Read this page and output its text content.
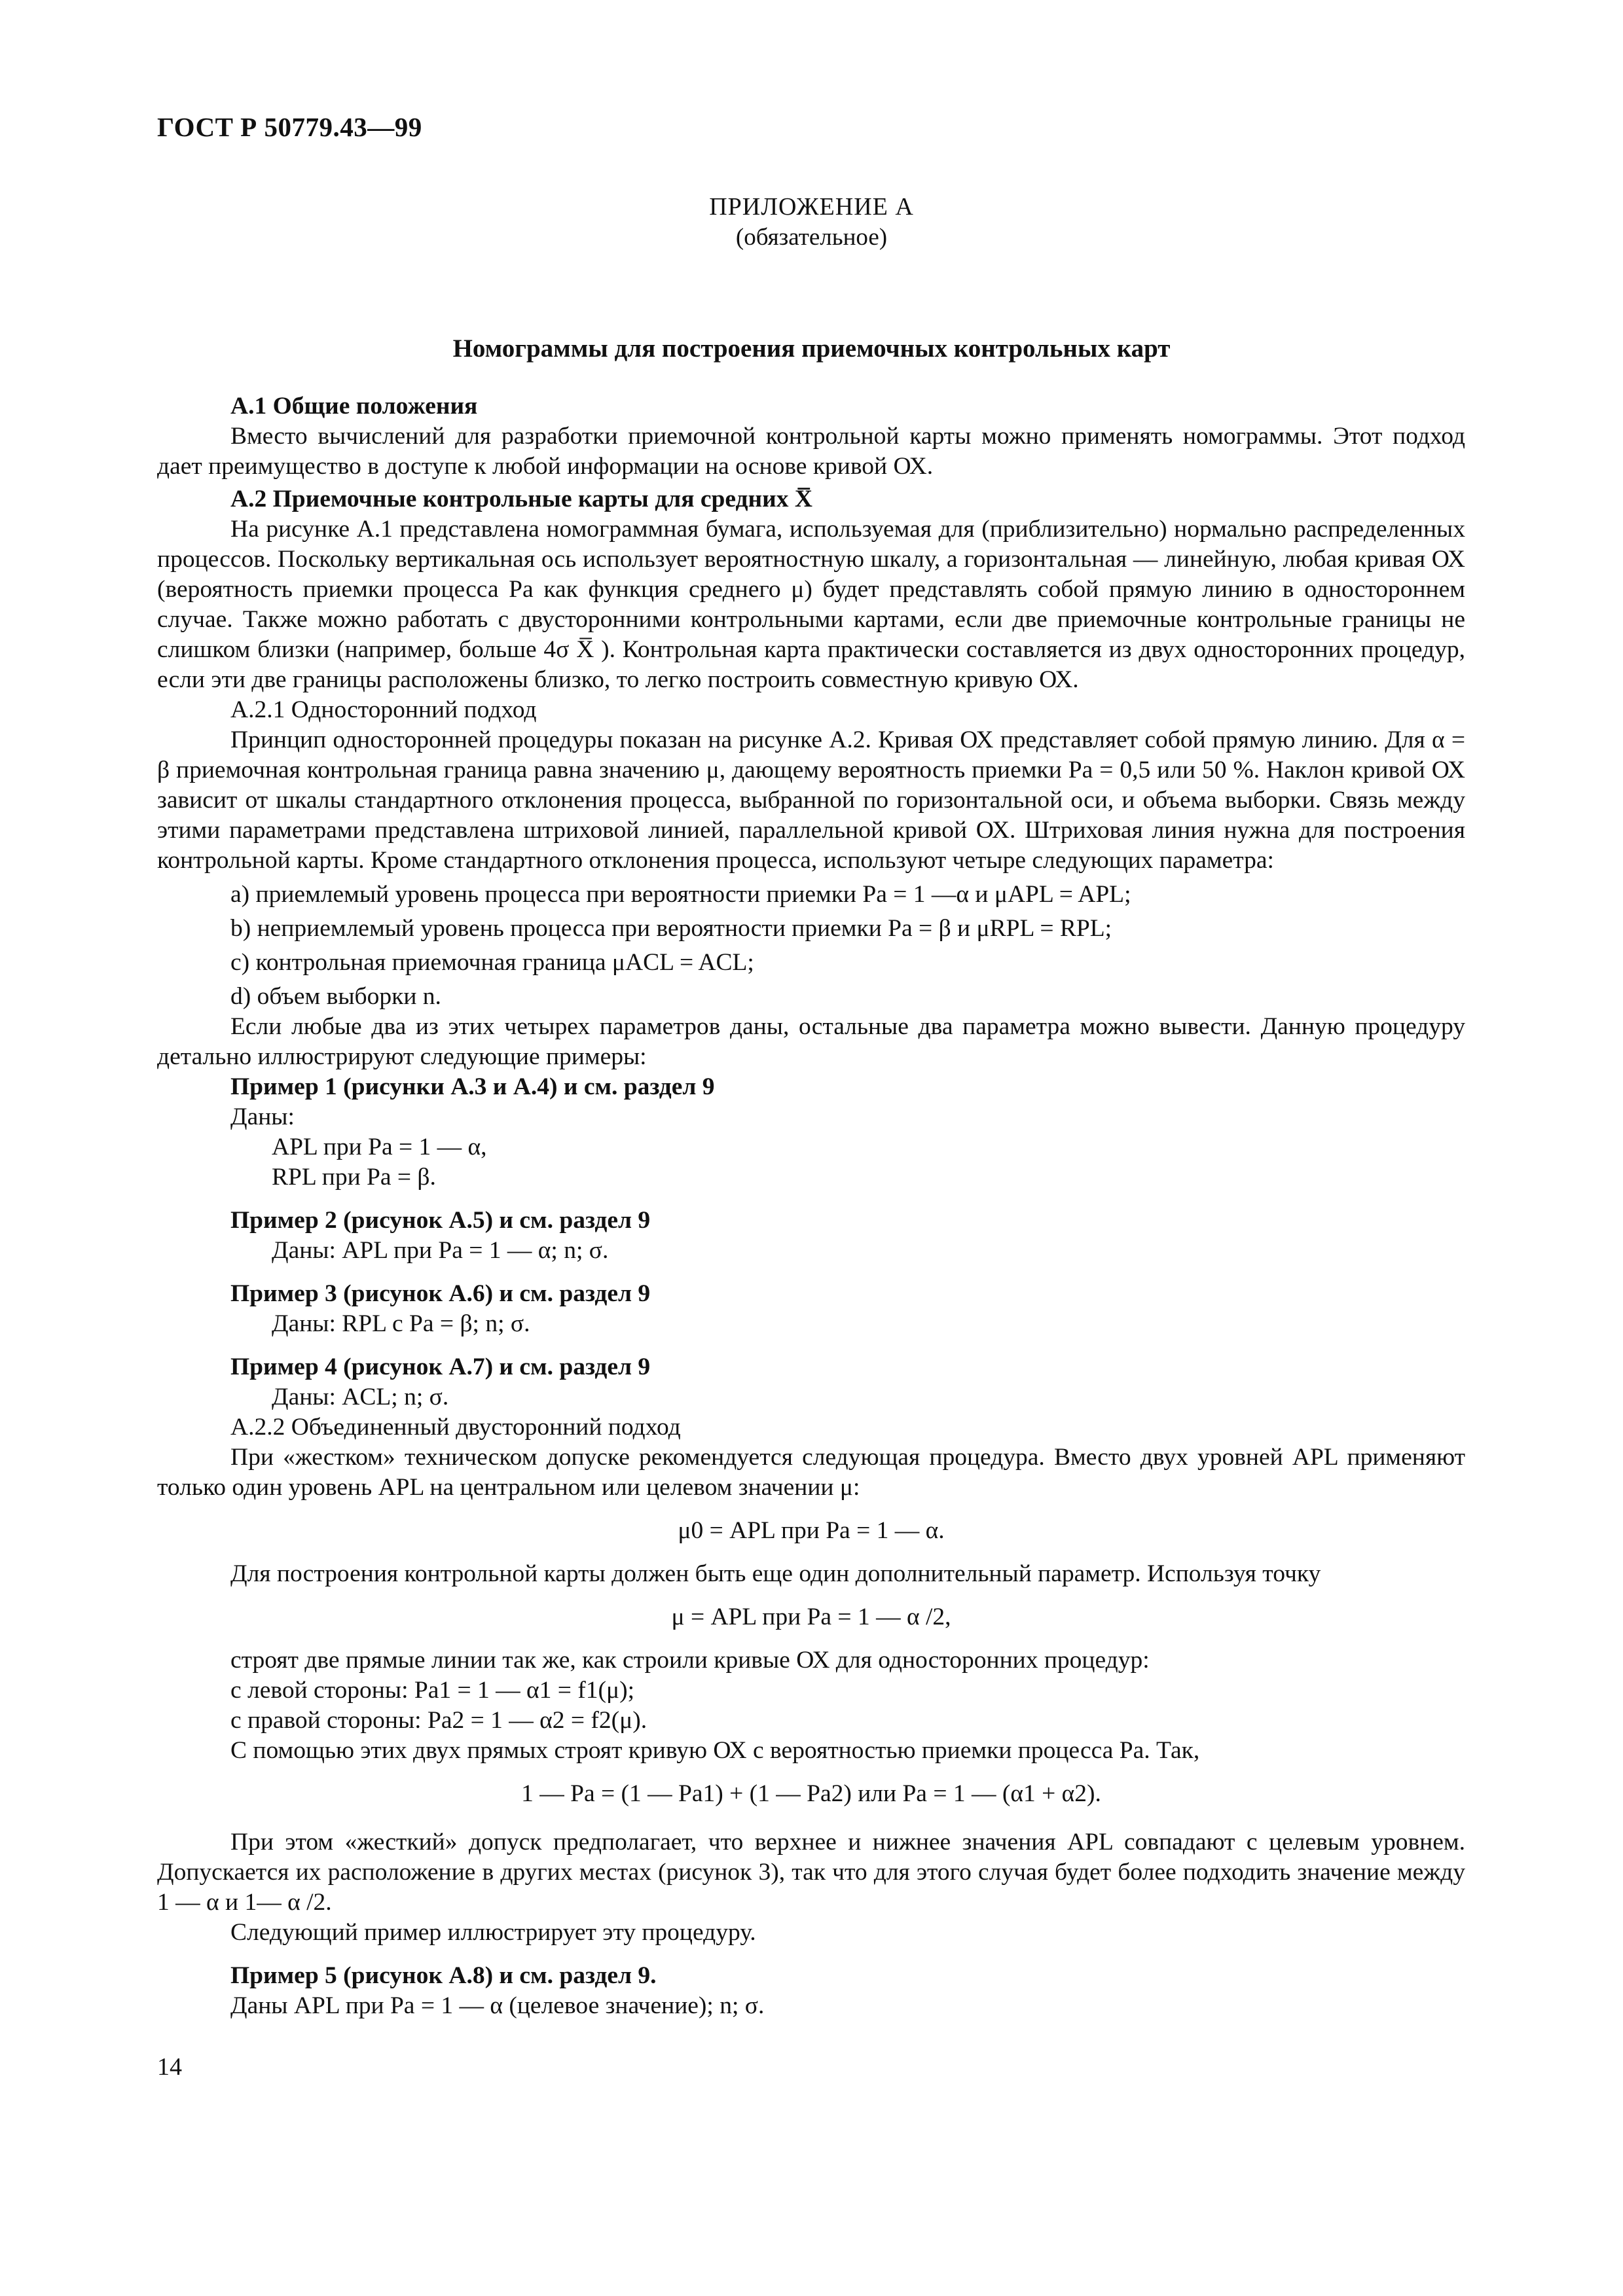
ГОСТ Р 50779.43—99
ПРИЛОЖЕНИЕ А
(обязательное)
Номограммы для построения приемочных контрольных карт

А.1 Общие положения

Вместо вычислений для разработки приемочной контрольной карты можно применять номограммы. Этот подход дает преимущество в доступе к любой информации на основе кривой ОХ.

А.2 Приемочные контрольные карты для средних X̅

На рисунке А.1 представлена номограммная бумага, используемая для (приблизительно) нормально распределенных процессов. Поскольку вертикальная ось использует вероятностную шкалу, а горизонтальная — линейную, любая кривая ОХ (вероятность приемки процесса Pa как функция среднего μ) будет представлять собой прямую линию в одностороннем случае. Также можно работать с двусторонними контрольными картами, если две приемочные контрольные границы не слишком близки (например, больше 4σ X̅ ). Контрольная карта практически составляется из двух односторонних процедур, если эти две границы расположены близко, то легко построить совместную кривую ОХ.

А.2.1 Односторонний подход

Принцип односторонней процедуры показан на рисунке А.2. Кривая ОХ представляет собой прямую линию. Для α = β приемочная контрольная граница равна значению μ, дающему вероятность приемки Pa = 0,5 или 50 %. Наклон кривой ОХ зависит от шкалы стандартного отклонения процесса, выбранной по горизонтальной оси, и объема выборки. Связь между этими параметрами представлена штриховой линией, параллельной кривой ОХ. Штриховая линия нужна для построения контрольной карты. Кроме стандартного отклонения процесса, используют четыре следующих параметра:

a) приемлемый уровень процесса при вероятности приемки Pa = 1 —α и μAPL = APL;

b) неприемлемый уровень процесса при вероятности приемки Pa = β и μRPL = RPL;

c) контрольная приемочная граница μACL = ACL;

d) объем выборки n.

Если любые два из этих четырех параметров даны, остальные два параметра можно вывести. Данную процедуру детально иллюстрируют следующие примеры:

Пример 1 (рисунки А.3 и А.4) и см. раздел 9

Даны:

APL при Pa = 1 — α,

RPL при Pa = β.

Пример 2 (рисунок А.5) и см. раздел 9

Даны: APL при Pa = 1 — α; n; σ.

Пример 3 (рисунок А.6) и см. раздел 9

Даны: RPL с Pa = β; n; σ.

Пример 4 (рисунок А.7) и см. раздел 9

Даны: ACL; n; σ.

А.2.2 Объединенный двусторонний подход

При «жестком» техническом допуске рекомендуется следующая процедура. Вместо двух уровней APL применяют только один уровень APL на центральном или целевом значении μ:

μ0 = APL при Pa = 1 — α.

Для построения контрольной карты должен быть еще один дополнительный параметр. Используя точку

μ = APL при Pa = 1 — α /2,

строят две прямые линии так же, как строили кривые ОХ для односторонних процедур:

с левой стороны: Pa1 = 1 — α1 = f1(μ);

с правой стороны: Pa2 = 1 — α2 = f2(μ).

С помощью этих двух прямых строят кривую ОХ с вероятностью приемки процесса Pa. Так,

1 — Pa = (1 — Pa1) + (1 — Pa2) или Pa = 1 — (α1 + α2).

При этом «жесткий» допуск предполагает, что верхнее и нижнее значения APL совпадают с целевым уровнем. Допускается их расположение в других местах (рисунок 3), так что для этого случая будет более подходить значение между 1 — α и 1— α /2.

Следующий пример иллюстрирует эту процедуру.

Пример 5 (рисунок А.8) и см. раздел 9.

Даны APL при Pa = 1 — α (целевое значение); n; σ.

14
